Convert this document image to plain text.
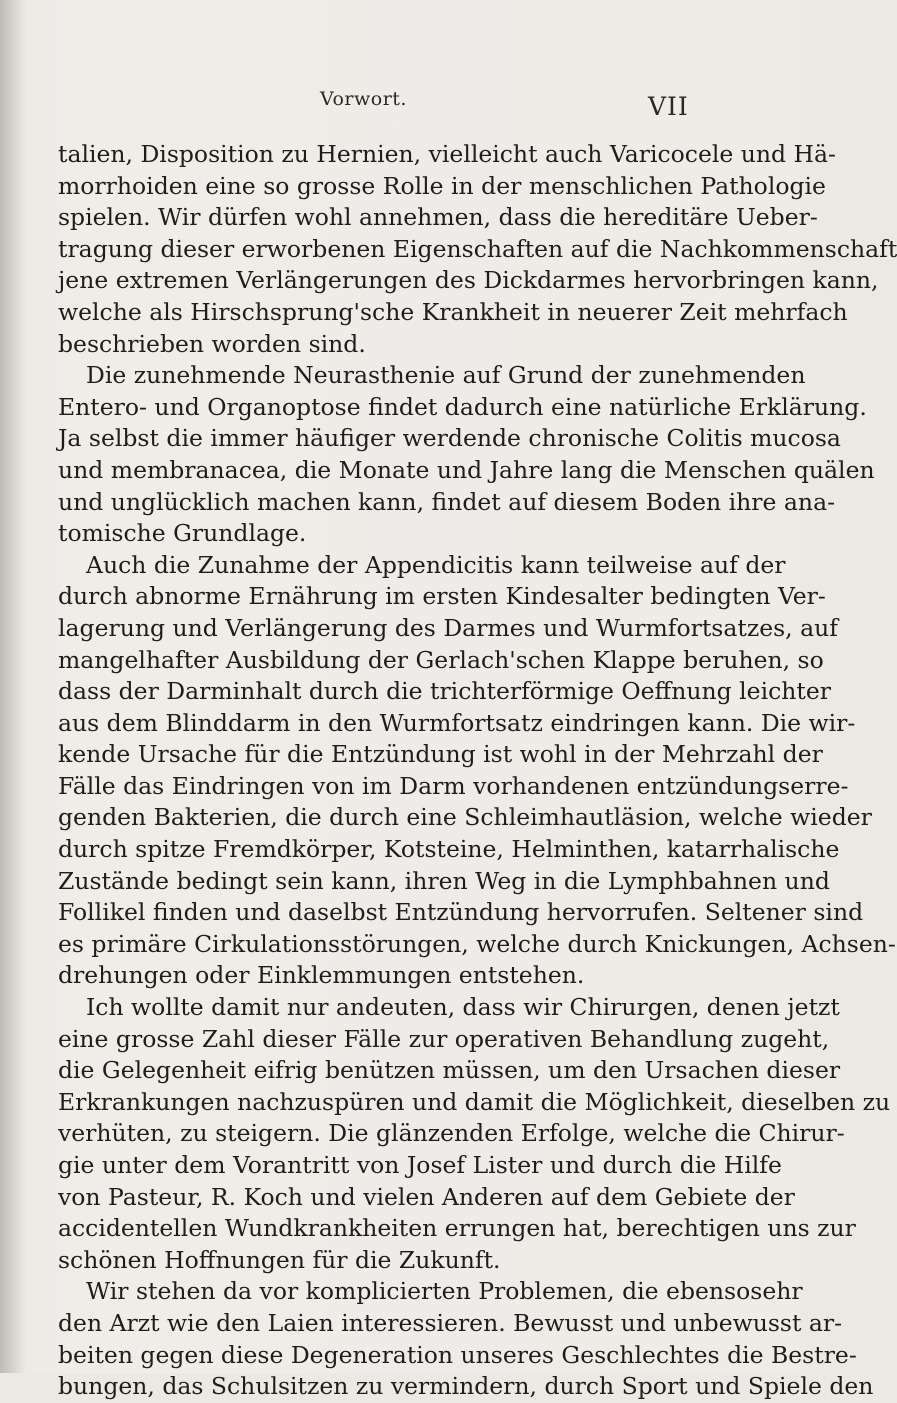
Vorwort.	VII
talien, Disposition zu Hernien, vielleicht auch Varicocele und Hä-
morrhoiden eine so grosse Rolle in der menschlichen Pathologie
spielen. Wir dürfen wohl annehmen, dass die hereditäre Ueber-
tragung dieser erworbenen Eigenschaften auf die Nachkommenschaft
jene extremen Verlängerungen des Dickdarmes hervorbringen kann,
welche als Hirschsprung'sche Krankheit in neuerer Zeit mehrfach
beschrieben worden sind.
Die zunehmende Neurasthenie auf Grund der zunehmenden
Entero- und Organoptose findet dadurch eine natürliche Erklärung.
Ja selbst die immer häufiger werdende chronische Colitis mucosa
und membranacea, die Monate und Jahre lang die Menschen quälen
und unglücklich machen kann, findet auf diesem Boden ihre ana-
tomische Grundlage.
Auch die Zunahme der Appendicitis kann teilweise auf der
durch abnorme Ernährung im ersten Kindesalter bedingten Ver-
lagerung und Verlängerung des Darmes und Wurmfortsatzes, auf
mangelhafter Ausbildung der Gerlach'schen Klappe beruhen, so
dass der Darminhalt durch die trichterförmige Oeffnung leichter
aus dem Blinddarm in den Wurmfortsatz eindringen kann. Die wir-
kende Ursache für die Entzündung ist wohl in der Mehrzahl der
Fälle das Eindringen von im Darm vorhandenen entzündungserre-
genden Bakterien, die durch eine Schleimhautläsion, welche wieder
durch spitze Fremdkörper, Kotsteine, Helminthen, katarrhalische
Zustände bedingt sein kann, ihren Weg in die Lymphbahnen und
Follikel finden und daselbst Entzündung hervorrufen. Seltener sind
es primäre Cirkulationsstörungen, welche durch Knickungen, Achsen-
drehungen oder Einklemmungen entstehen.
Ich wollte damit nur andeuten, dass wir Chirurgen, denen jetzt
eine grosse Zahl dieser Fälle zur operativen Behandlung zugeht,
die Gelegenheit eifrig benützen müssen, um den Ursachen dieser
Erkrankungen nachzuspüren und damit die Möglichkeit, dieselben zu
verhüten, zu steigern. Die glänzenden Erfolge, welche die Chirur-
gie unter dem Vorantritt von Josef Lister und durch die Hilfe
von Pasteur, R. Koch und vielen Anderen auf dem Gebiete der
accidentellen Wundkrankheiten errungen hat, berechtigen uns zur
schönen Hoffnungen für die Zukunft.
Wir stehen da vor komplicierten Problemen, die ebensosehr
den Arzt wie den Laien interessieren. Bewusst und unbewusst ar-
beiten gegen diese Degeneration unseres Geschlechtes die Bestre-
bungen, das Schulsitzen zu vermindern, durch Sport und Spiele den
